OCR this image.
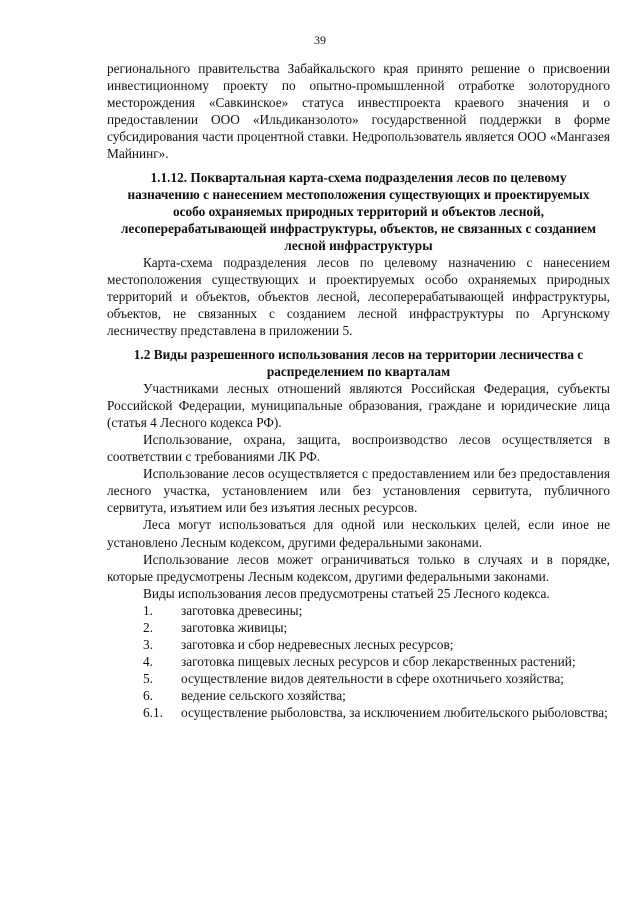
39

регионального правительства Забайкальского края принято решение о присвоении инвестиционному проекту по опытно-промышленной отработке золоторудного месторождения «Савкинское» статуса инвестпроекта краевого значения и о предоставлении ООО «Ильдиканзолото» государственной поддержки в форме субсидирования части процентной ставки. Недропользователь является ООО «Мангазея Майнинг».

1.1.12. Поквартальная карта-схема подразделения лесов по целевому назначению с нанесением местоположения существующих и проектируемых особо охраняемых природных территорий и объектов лесной, лесоперерабатывающей инфраструктуры, объектов, не связанных с созданием лесной инфраструктуры

Карта-схема подразделения лесов по целевому назначению с нанесением местоположения существующих и проектируемых особо охраняемых природных территорий и объектов, объектов лесной, лесоперерабатывающей инфраструктуры, объектов, не связанных с созданием лесной инфраструктуры по Аргунскому лесничеству представлена в приложении 5.

1.2 Виды разрешенного использования лесов на территории лесничества с распределением по кварталам

Участниками лесных отношений являются Российская Федерация, субъекты Российской Федерации, муниципальные образования, граждане и юридические лица (статья 4 Лесного кодекса РФ).

Использование, охрана, защита, воспроизводство лесов осуществляется в соответствии с требованиями ЛК РФ.

Использование лесов осуществляется с предоставлением или без предоставления лесного участка, установлением или без установления сервитута, публичного сервитута, изъятием или без изъятия лесных ресурсов.

Леса могут использоваться для одной или нескольких целей, если иное не установлено Лесным кодексом, другими федеральными законами.

Использование лесов может ограничиваться только в случаях и в порядке, которые предусмотрены Лесным кодексом, другими федеральными законами.

Виды использования лесов предусмотрены статьей 25 Лесного кодекса.

1.	заготовка древесины;
2.	заготовка живицы;
3.	заготовка и сбор недревесных лесных ресурсов;

4. заготовка пищевых лесных ресурсов и сбор лекарственных растений;

5. осуществление видов деятельности в сфере охотничьего хозяйства;

6.	ведение сельского хозяйства;

6.1. осуществление рыболовства, за исключением любительского рыболовства;
